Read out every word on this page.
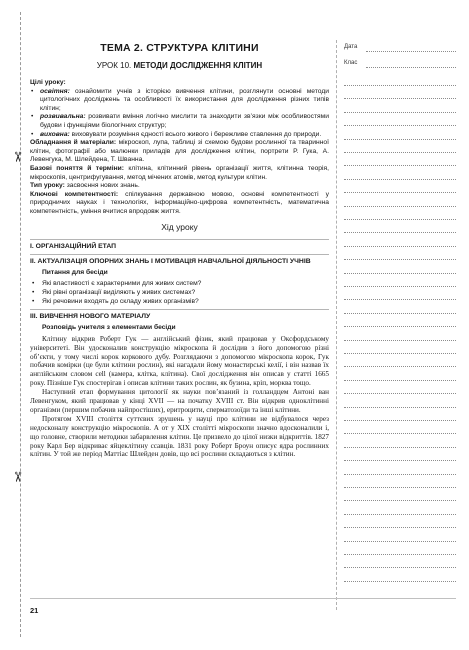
✂
✂
Дата
Клас
ТЕМА 2. СТРУКТУРА КЛІТИНИ
УРОК 10. МЕТОДИ ДОСЛІДЖЕННЯ КЛІТИН
Цілі уроку:
• освітня: ознайомити учнів з історією вивчення клітини, розглянути основні методи цитологічних досліджень та особливості їх використання для дослідження різних типів клітин;
• розвивальна: розвивати вміння логічно мислити та знаходити зв’язки між особливостями будови і функціями біологічних структур;
• виховна: виховувати розуміння єдності всього живого і бережливе ставлення до природи.

Обладнання й матеріали: мікроскоп, лупа, таблиці зі схемою будови рослинної та тваринної клітин, фотографії або малюнки приладів для дослідження клітин, портрети Р. Гука, А. Левенгука, М. Шлейдена, Т. Шванна.

Базові поняття й терміни: клітина, клітинний рівень організації життя, клітинна теорія, мікроскопія, центрифугування, метод мічених атомів, метод культури клітин.

Тип уроку: засвоєння нових знань.

Ключові компетентності: спілкування державною мовою, основні компетентності у природничих науках і технологіях, інформаційно-цифрова компетентність, математична компетентність, уміння вчитися впродовж життя.

Хід уроку
І. ОРГАНІЗАЦІЙНИЙ ЕТАП
ІІ. АКТУАЛІЗАЦІЯ ОПОРНИХ ЗНАНЬ І МОТИВАЦІЯ НАВЧАЛЬНОЇ ДІЯЛЬНОСТІ УЧНІВ
Питання для бесіди
• Які властивості є характерними для живих систем?
• Які рівні організації виділяють у живих системах?
• Які речовини входять до складу живих організмів?
ІІІ. ВИВЧЕННЯ НОВОГО МАТЕРІАЛУ
Розповідь учителя з елементами бесіди

Клітину відкрив Роберт Гук — англійський фізик, який працював у Оксфордському університеті. Він удосконалив конструкцію мікроскопа й дослідив з його допомогою різні об’єкти, у тому числі корок коркового дубу. Розглядаючи з допомогою мікроскопа корок, Гук побачив комірки (це були клітини рослин), які нагадали йому монастирські келії, і він назвав їх англійським словом cell (камера, клітка, клітина). Свої дослідження він описав у статті 1665 року. Пізніше Гук спостерігав і описав клітини таких рослин, як бузина, кріп, морква тощо.

Наступний етап формування цитології як науки пов’язаний із голландцем Антоні ван Левенгуком, який працював у кінці XVII — на початку XVIII ст. Він відкрив одноклітинні організми (першим побачив найпростіших), еритроцити, сперматозоїди та інші клітини.

Протягом XVIII століття суттєвих зрушень у науці про клітини не відбувалося через недосконалу конструкцію мікроскопів. А от у XIX столітті мікроскопи значно вдосконалили і, що головне, створили методики забарвлення клітин. Це призвело до цілої низки відкриттів. 1827 року Карл Бер відкриває яйцеклітину ссавців. 1831 року Роберт Броун описує ядра рослинних клітин. У той же період Маттіас Шлейден довів, що всі рослини складаються з клітин.

21
